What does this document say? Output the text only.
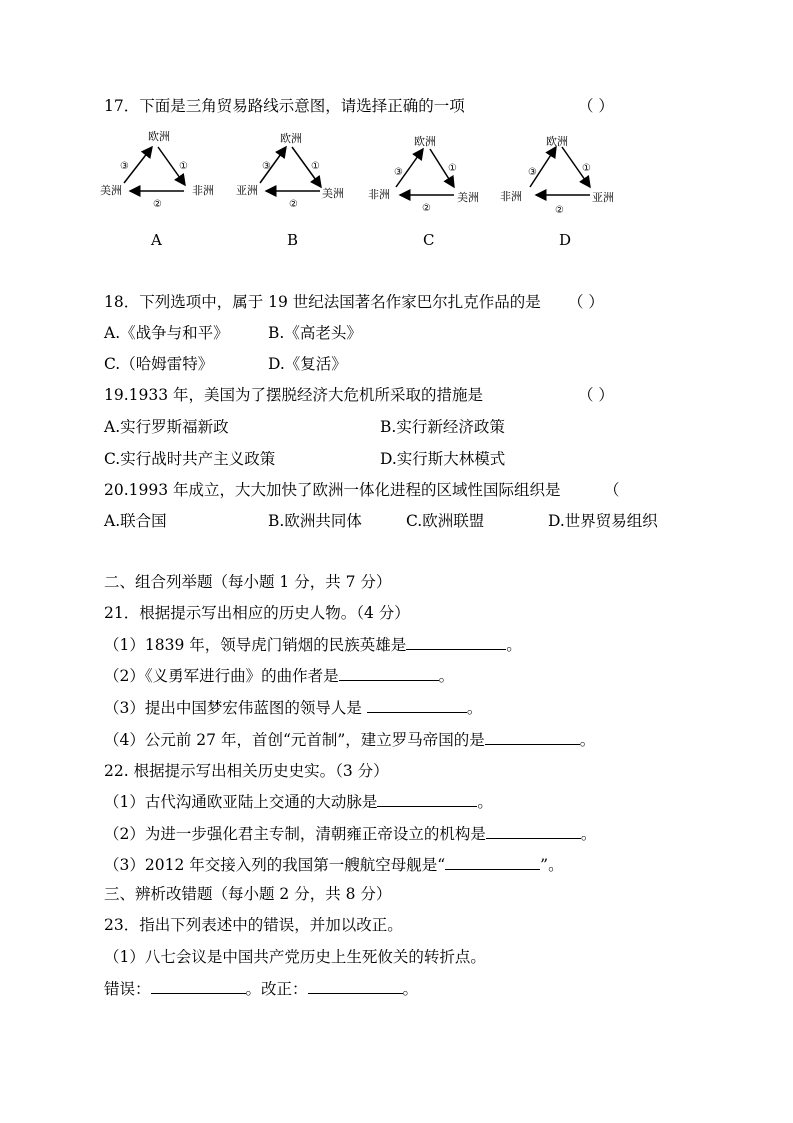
17．下面是三角贸易路线示意图，请选择正确的一项	（ ）
欧洲
美洲	非洲
①
②
③
欧洲
亚洲	美洲
①
②
③
欧洲
非洲	美洲
①
②
③
欧洲
非洲	亚洲
①
②
③
A	B	C	D
18．下列选项中，属于 19 世纪法国著名作家巴尔扎克作品的是 （ ）
A.《战争与和平》	B.《高老头》
C.（哈姆雷特》	D.《复活》
19.1933 年，美国为了摆脱经济大危机所采取的措施是	（ ）
A.实行罗斯福新政	B.实行新经济政策
C.实行战时共产主义政策	D.实行斯大林模式
20.1993 年成立，大大加快了欧洲一体化进程的区域性国际组织是	（
A.联合国	B.欧洲共同体	C.欧洲联盟	D.世界贸易组织
二、组合列举题（每小题 1 分，共 7 分）
21．根据提示写出相应的历史人物。（4 分）
（1）1839 年，领导虎门销烟的民族英雄是	。
（2）《义勇军进行曲》的曲作者是	。
（3）提出中国梦宏伟蓝图的领导人是	。
（4）公元前 27 年，首创“元首制”，建立罗马帝国的是	。
22. 根据提示写出相关历史史实。（3 分）
（1）古代沟通欧亚陆上交通的大动脉是	。
（2）为进一步强化君主专制，清朝雍正帝设立的机构是	。
（3）2012 年交接入列的我国第一艘航空母舰是“	”。
三、辨析改错题（每小题 2 分，共 8 分）
23．指出下列表述中的错误，并加以改正。
（1）八七会议是中国共产党历史上生死攸关的转折点。
错误：	。改正：	。
